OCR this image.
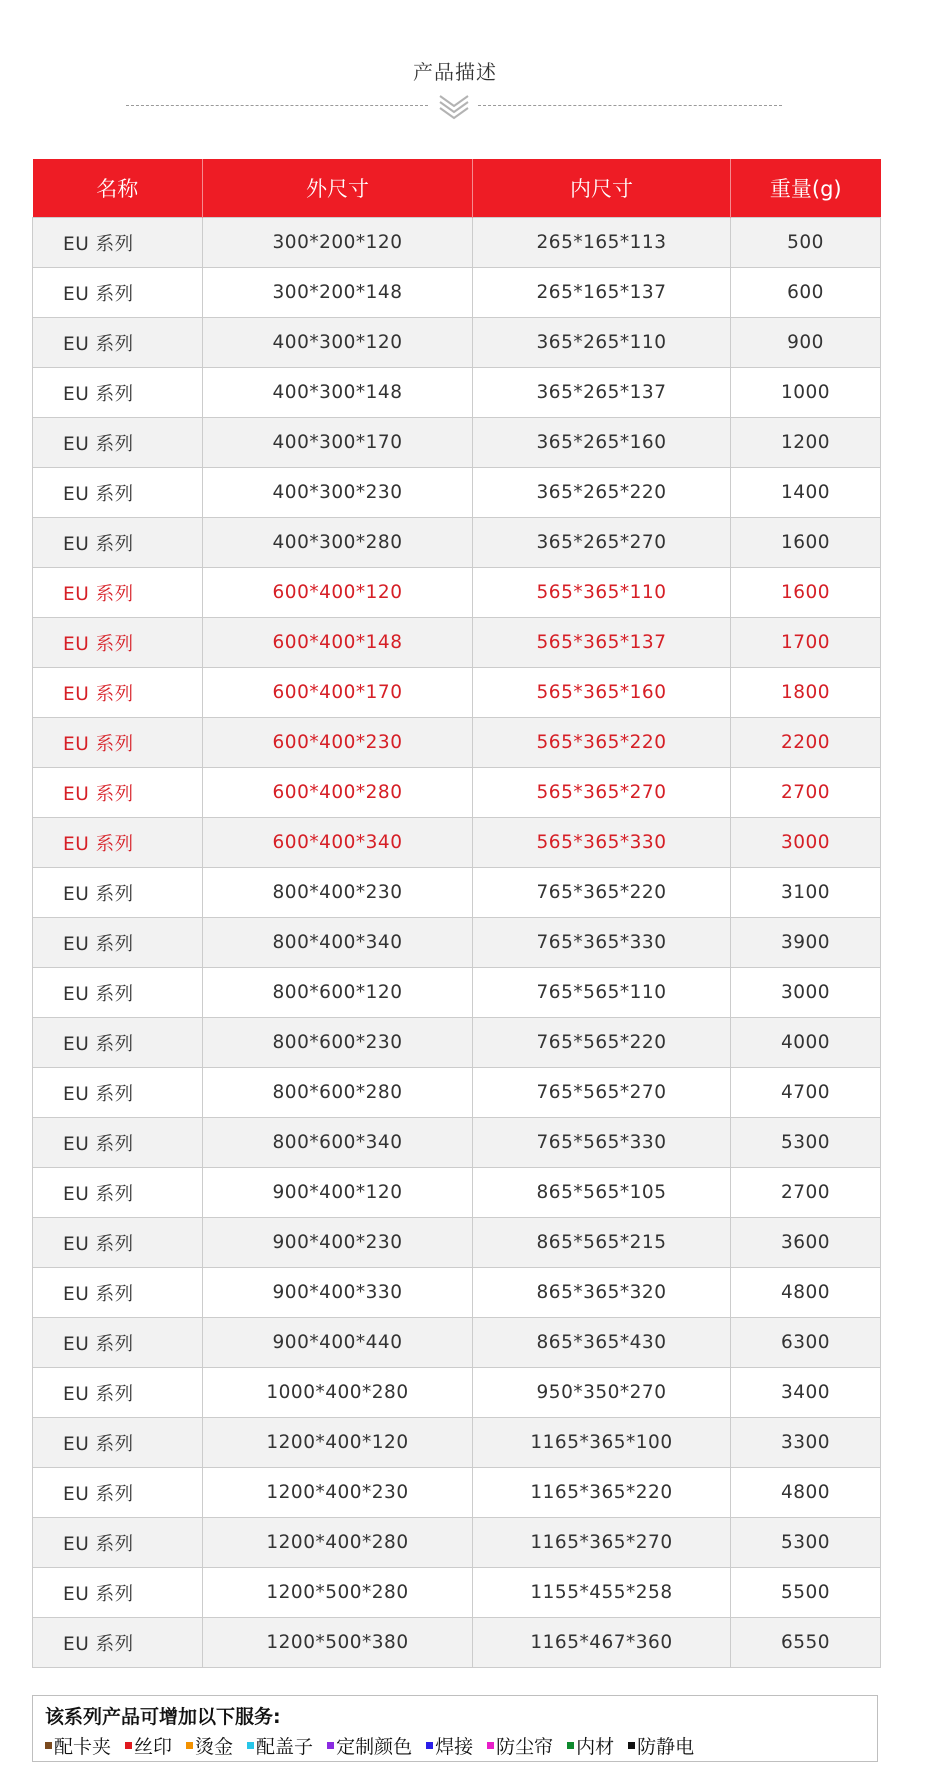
产品描述
名称	外尺寸	内尺寸	重量(g)
EU 系列	300*200*120	265*165*113	500
EU 系列	300*200*148	265*165*137	600
EU 系列	400*300*120	365*265*110	900
EU 系列	400*300*148	365*265*137	1000
EU 系列	400*300*170	365*265*160	1200
EU 系列	400*300*230	365*265*220	1400
EU 系列	400*300*280	365*265*270	1600
EU 系列	600*400*120	565*365*110	1600
EU 系列	600*400*148	565*365*137	1700
EU 系列	600*400*170	565*365*160	1800
EU 系列	600*400*230	565*365*220	2200
EU 系列	600*400*280	565*365*270	2700
EU 系列	600*400*340	565*365*330	3000
EU 系列	800*400*230	765*365*220	3100
EU 系列	800*400*340	765*365*330	3900
EU 系列	800*600*120	765*565*110	3000
EU 系列	800*600*230	765*565*220	4000
EU 系列	800*600*280	765*565*270	4700
EU 系列	800*600*340	765*565*330	5300
EU 系列	900*400*120	865*565*105	2700
EU 系列	900*400*230	865*565*215	3600
EU 系列	900*400*330	865*365*320	4800
EU 系列	900*400*440	865*365*430	6300
EU 系列	1000*400*280	950*350*270	3400
EU 系列	1200*400*120	1165*365*100	3300
EU 系列	1200*400*230	1165*365*220	4800
EU 系列	1200*400*280	1165*365*270	5300
EU 系列	1200*500*280	1155*455*258	5500
EU 系列	1200*500*380	1165*467*360	6550
该系列产品可增加以下服务:
配卡夹 丝印 烫金 配盖子 定制颜色 焊接 防尘帘 内材 防静电
